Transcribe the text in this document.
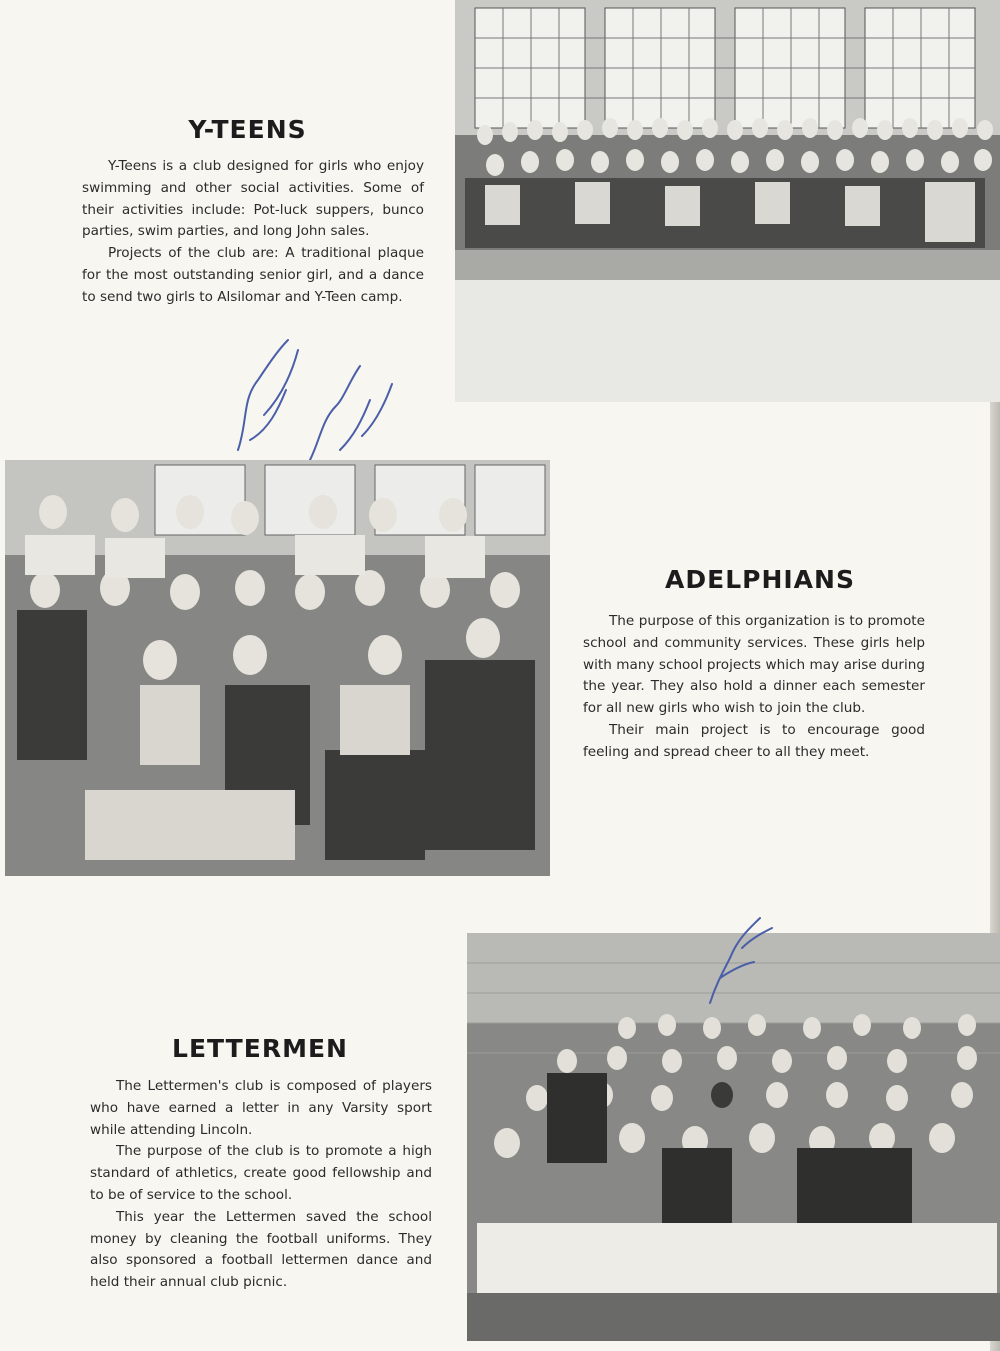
Y-TEENS

Y-Teens is a club designed for girls who enjoy swimming and other social activities. Some of their activities include: Pot-luck suppers, bunco parties, swim parties, and long John sales.

Projects of the club are: A traditional plaque for the most outstanding senior girl, and a dance to send two girls to Alsilomar and Y-Teen camp.

ADELPHIANS

The purpose of this organization is to promote school and community services. These girls help with many school projects which may arise during the year. They also hold a dinner each semester for all new girls who wish to join the club.

Their main project is to encourage good feeling and spread cheer to all they meet.

LETTERMEN

The Lettermen's club is composed of players who have earned a letter in any Varsity sport while attending Lincoln.

The purpose of the club is to promote a high standard of athletics, create good fellowship and to be of service to the school.

This year the Lettermen saved the school money by cleaning the football uniforms. They also sponsored a football lettermen dance and held their annual club picnic.
